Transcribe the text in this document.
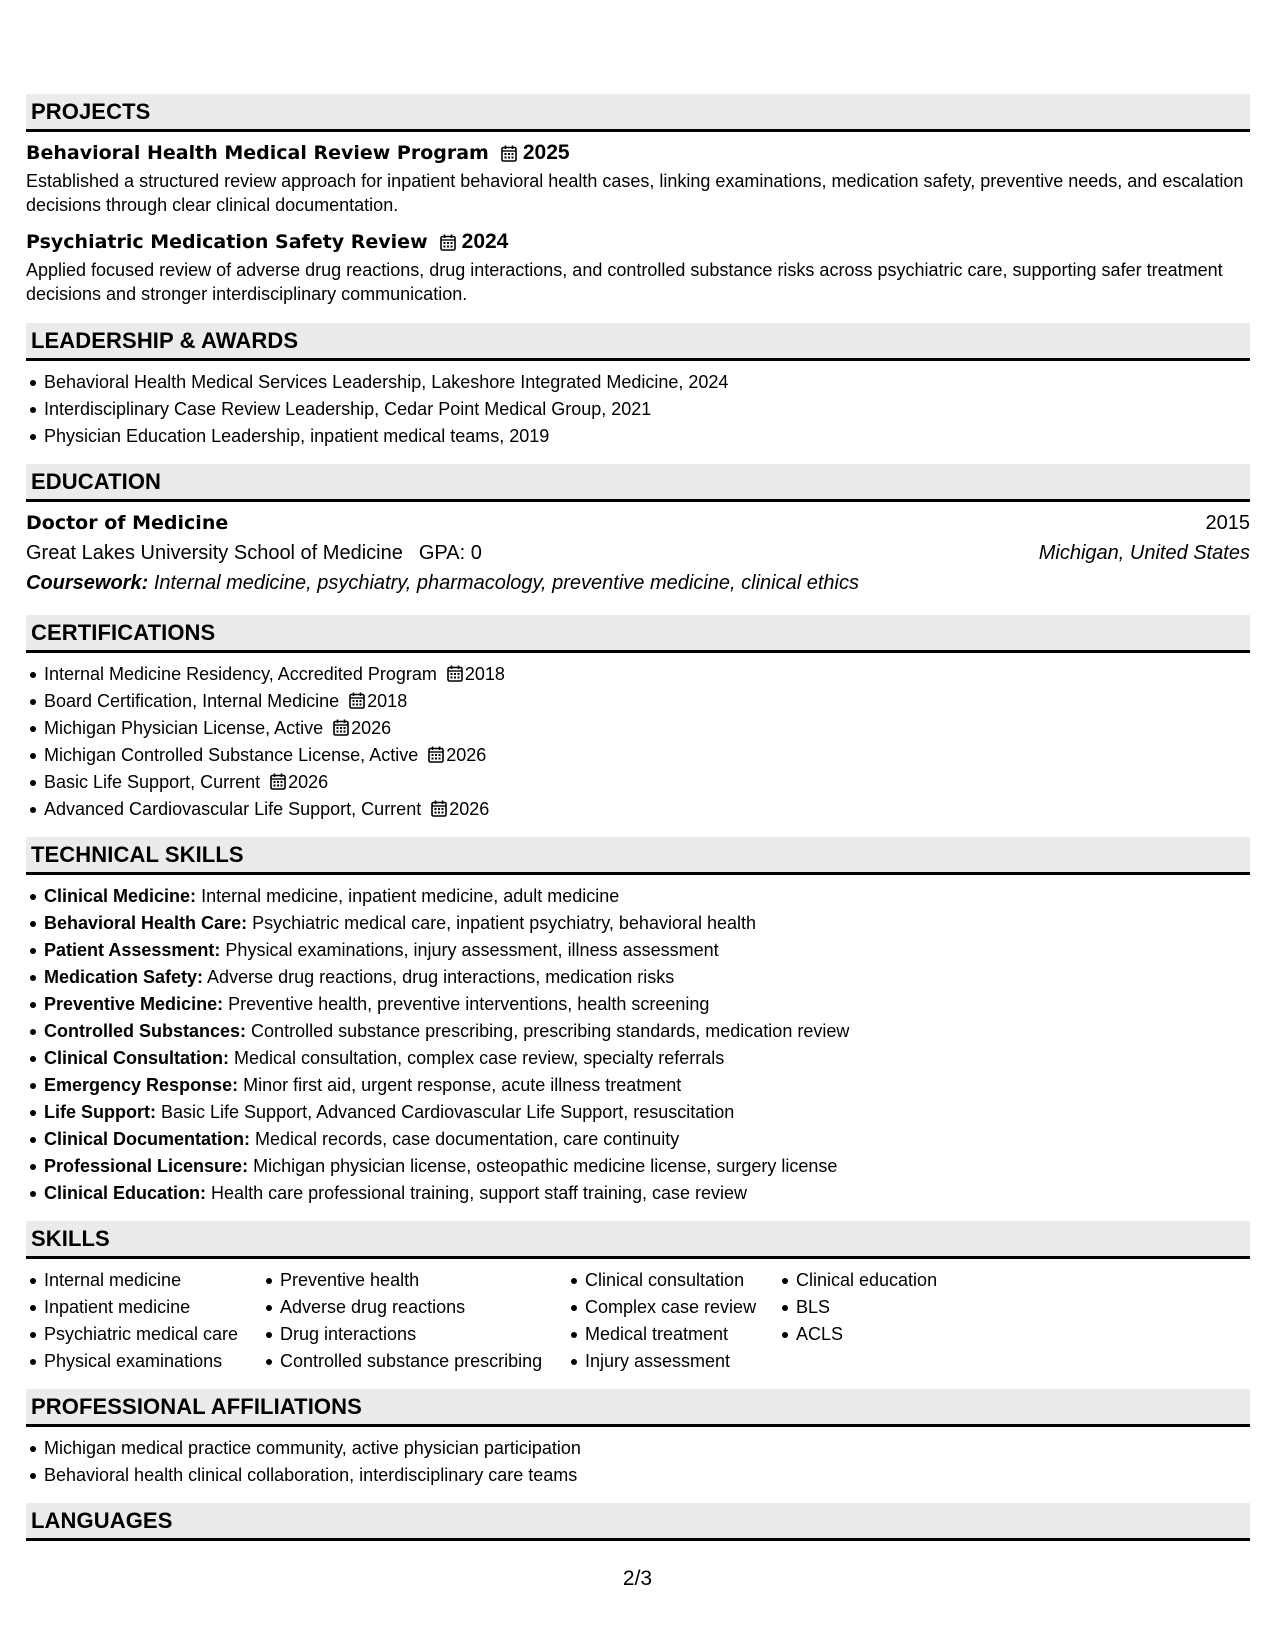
PROJECTS
Behavioral Health Medical Review Program 2025
Established a structured review approach for inpatient behavioral health cases, linking examinations, medication safety, preventive needs, and escalation decisions through clear clinical documentation.
Psychiatric Medication Safety Review 2024
Applied focused review of adverse drug reactions, drug interactions, and controlled substance risks across psychiatric care, supporting safer treatment decisions and stronger interdisciplinary communication.
LEADERSHIP & AWARDS
Behavioral Health Medical Services Leadership, Lakeshore Integrated Medicine, 2024
Interdisciplinary Case Review Leadership, Cedar Point Medical Group, 2021
Physician Education Leadership, inpatient medical teams, 2019
EDUCATION
Doctor of Medicine	2015
Great Lakes University School of Medicine GPA: 0	Michigan, United States
Coursework: Internal medicine, psychiatry, pharmacology, preventive medicine, clinical ethics
CERTIFICATIONS
Internal Medicine Residency, Accredited Program 2018
Board Certification, Internal Medicine 2018
Michigan Physician License, Active 2026
Michigan Controlled Substance License, Active 2026
Basic Life Support, Current 2026
Advanced Cardiovascular Life Support, Current 2026
TECHNICAL SKILLS
Clinical Medicine: Internal medicine, inpatient medicine, adult medicine
Behavioral Health Care: Psychiatric medical care, inpatient psychiatry, behavioral health
Patient Assessment: Physical examinations, injury assessment, illness assessment
Medication Safety: Adverse drug reactions, drug interactions, medication risks
Preventive Medicine: Preventive health, preventive interventions, health screening
Controlled Substances: Controlled substance prescribing, prescribing standards, medication review
Clinical Consultation: Medical consultation, complex case review, specialty referrals
Emergency Response: Minor first aid, urgent response, acute illness treatment
Life Support: Basic Life Support, Advanced Cardiovascular Life Support, resuscitation
Clinical Documentation: Medical records, case documentation, care continuity
Professional Licensure: Michigan physician license, osteopathic medicine license, surgery license
Clinical Education: Health care professional training, support staff training, case review
SKILLS
Internal medicine
Inpatient medicine
Psychiatric medical care
Physical examinations
Preventive health
Adverse drug reactions
Drug interactions
Controlled substance prescribing
Clinical consultation
Complex case review
Medical treatment
Injury assessment
Clinical education
BLS
ACLS
PROFESSIONAL AFFILIATIONS
Michigan medical practice community, active physician participation
Behavioral health clinical collaboration, interdisciplinary care teams
LANGUAGES
2/3
